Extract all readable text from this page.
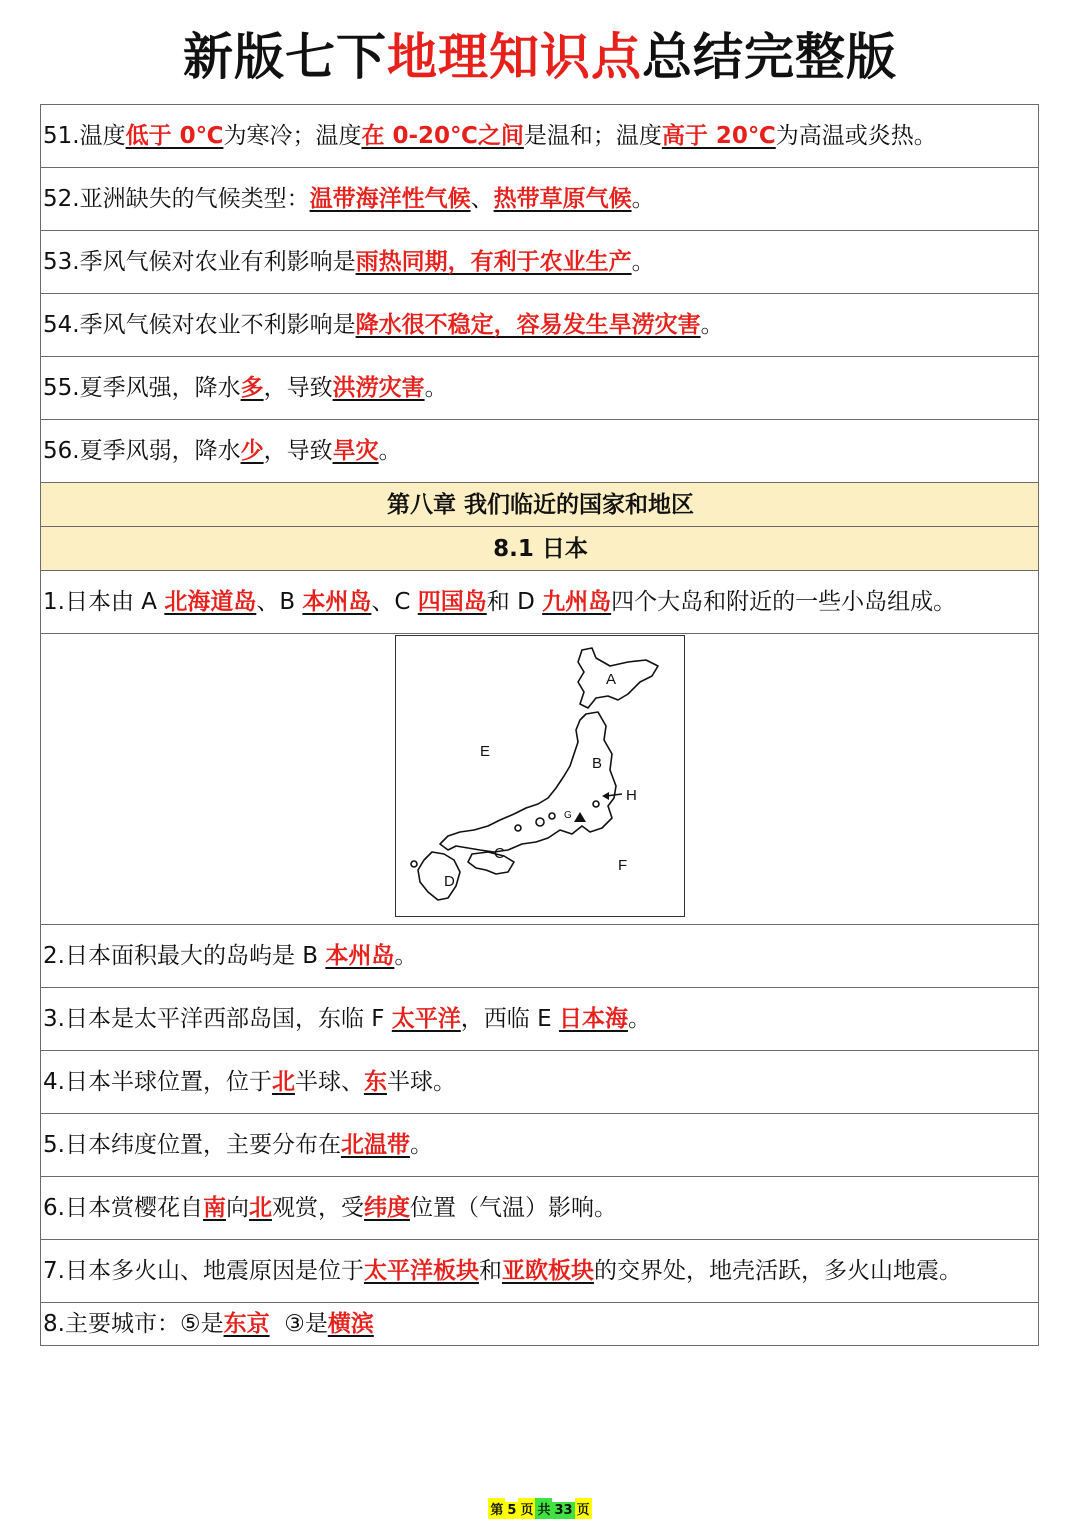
新版七下地理知识点总结完整版
51.温度低于 0℃为寒冷；温度在 0-20℃之间是温和；温度高于 20℃为高温或炎热。
52.亚洲缺失的气候类型：温带海洋性气候、热带草原气候。
53.季风气候对农业有利影响是雨热同期，有利于农业生产。
54.季风气候对农业不利影响是降水很不稳定，容易发生旱涝灾害。
55.夏季风强，降水多，导致洪涝灾害。
56.夏季风弱，降水少，导致旱灾。
第八章 我们临近的国家和地区
8.1 日本
1.日本由 A 北海道岛、B 本州岛、C 四国岛和 D 九州岛四个大岛和附近的一些小岛组成。

A
B
C
D
E
F
G
H

2.日本面积最大的岛屿是 B 本州岛。
3.日本是太平洋西部岛国，东临 F 太平洋，西临 E 日本海。
4.日本半球位置，位于北半球、东半球。
5.日本纬度位置，主要分布在北温带。
6.日本赏樱花自南向北观赏，受纬度位置（气温）影响。
7.日本多火山、地震原因是位于太平洋板块和亚欧板块的交界处，地壳活跃，多火山地震。
8.主要城市：⑤是东京  ③是横滨
第 5 页 共 33 页
